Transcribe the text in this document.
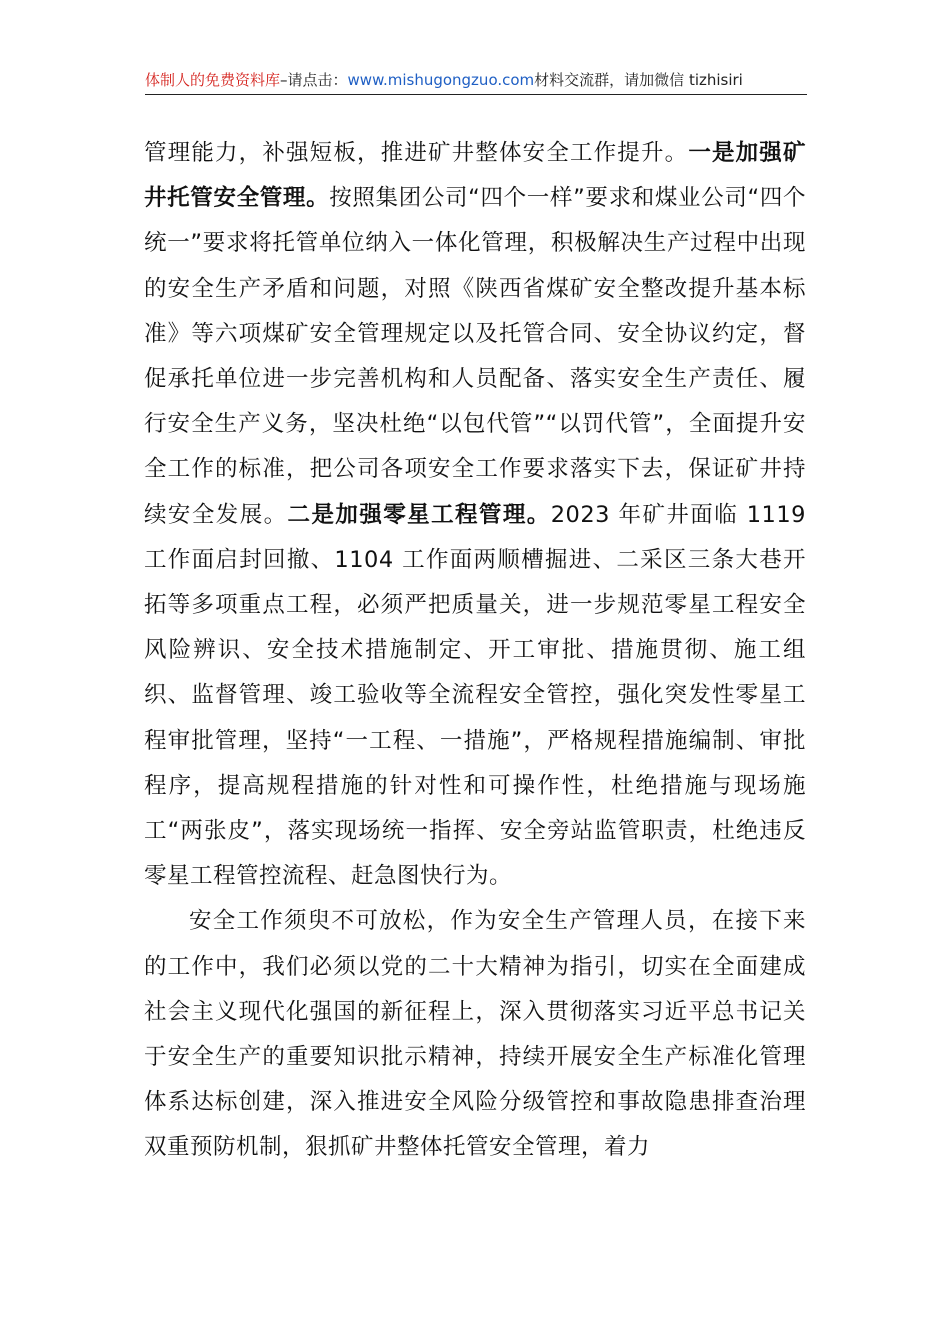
体制人的免费资料库–请点击：www.mishugongzuo.com材料交流群，请加微信 tizhisiri

管理能力，补强短板，推进矿井整体安全工作提升。一是加强矿井托管安全管理。按照集团公司“四个一样”要求和煤业公司“四个统一”要求将托管单位纳入一体化管理，积极解决生产过程中出现的安全生产矛盾和问题，对照《陕西省煤矿安全整改提升基本标准》等六项煤矿安全管理规定以及托管合同、安全协议约定，督促承托单位进一步完善机构和人员配备、落实安全生产责任、履行安全生产义务，坚决杜绝“以包代管”“以罚代管”，全面提升安全工作的标准，把公司各项安全工作要求落实下去，保证矿井持续安全发展。二是加强零星工程管理。2023 年矿井面临 1119 工作面启封回撤、1104 工作面两顺槽掘进、二采区三条大巷开拓等多项重点工程，必须严把质量关，进一步规范零星工程安全风险辨识、安全技术措施制定、开工审批、措施贯彻、施工组织、监督管理、竣工验收等全流程安全管控，强化突发性零星工程审批管理，坚持“一工程、一措施”，严格规程措施编制、审批程序，提高规程措施的针对性和可操作性，杜绝措施与现场施工“两张皮”，落实现场统一指挥、安全旁站监管职责，杜绝违反零星工程管控流程、赶急图快行为。

安全工作须臾不可放松，作为安全生产管理人员，在接下来的工作中，我们必须以党的二十大精神为指引，切实在全面建成社会主义现代化强国的新征程上，深入贯彻落实习近平总书记关于安全生产的重要知识批示精神，持续开展安全生产标准化管理体系达标创建，深入推进安全风险分级管控和事故隐患排查治理双重预防机制，狠抓矿井整体托管安全管理，着力
